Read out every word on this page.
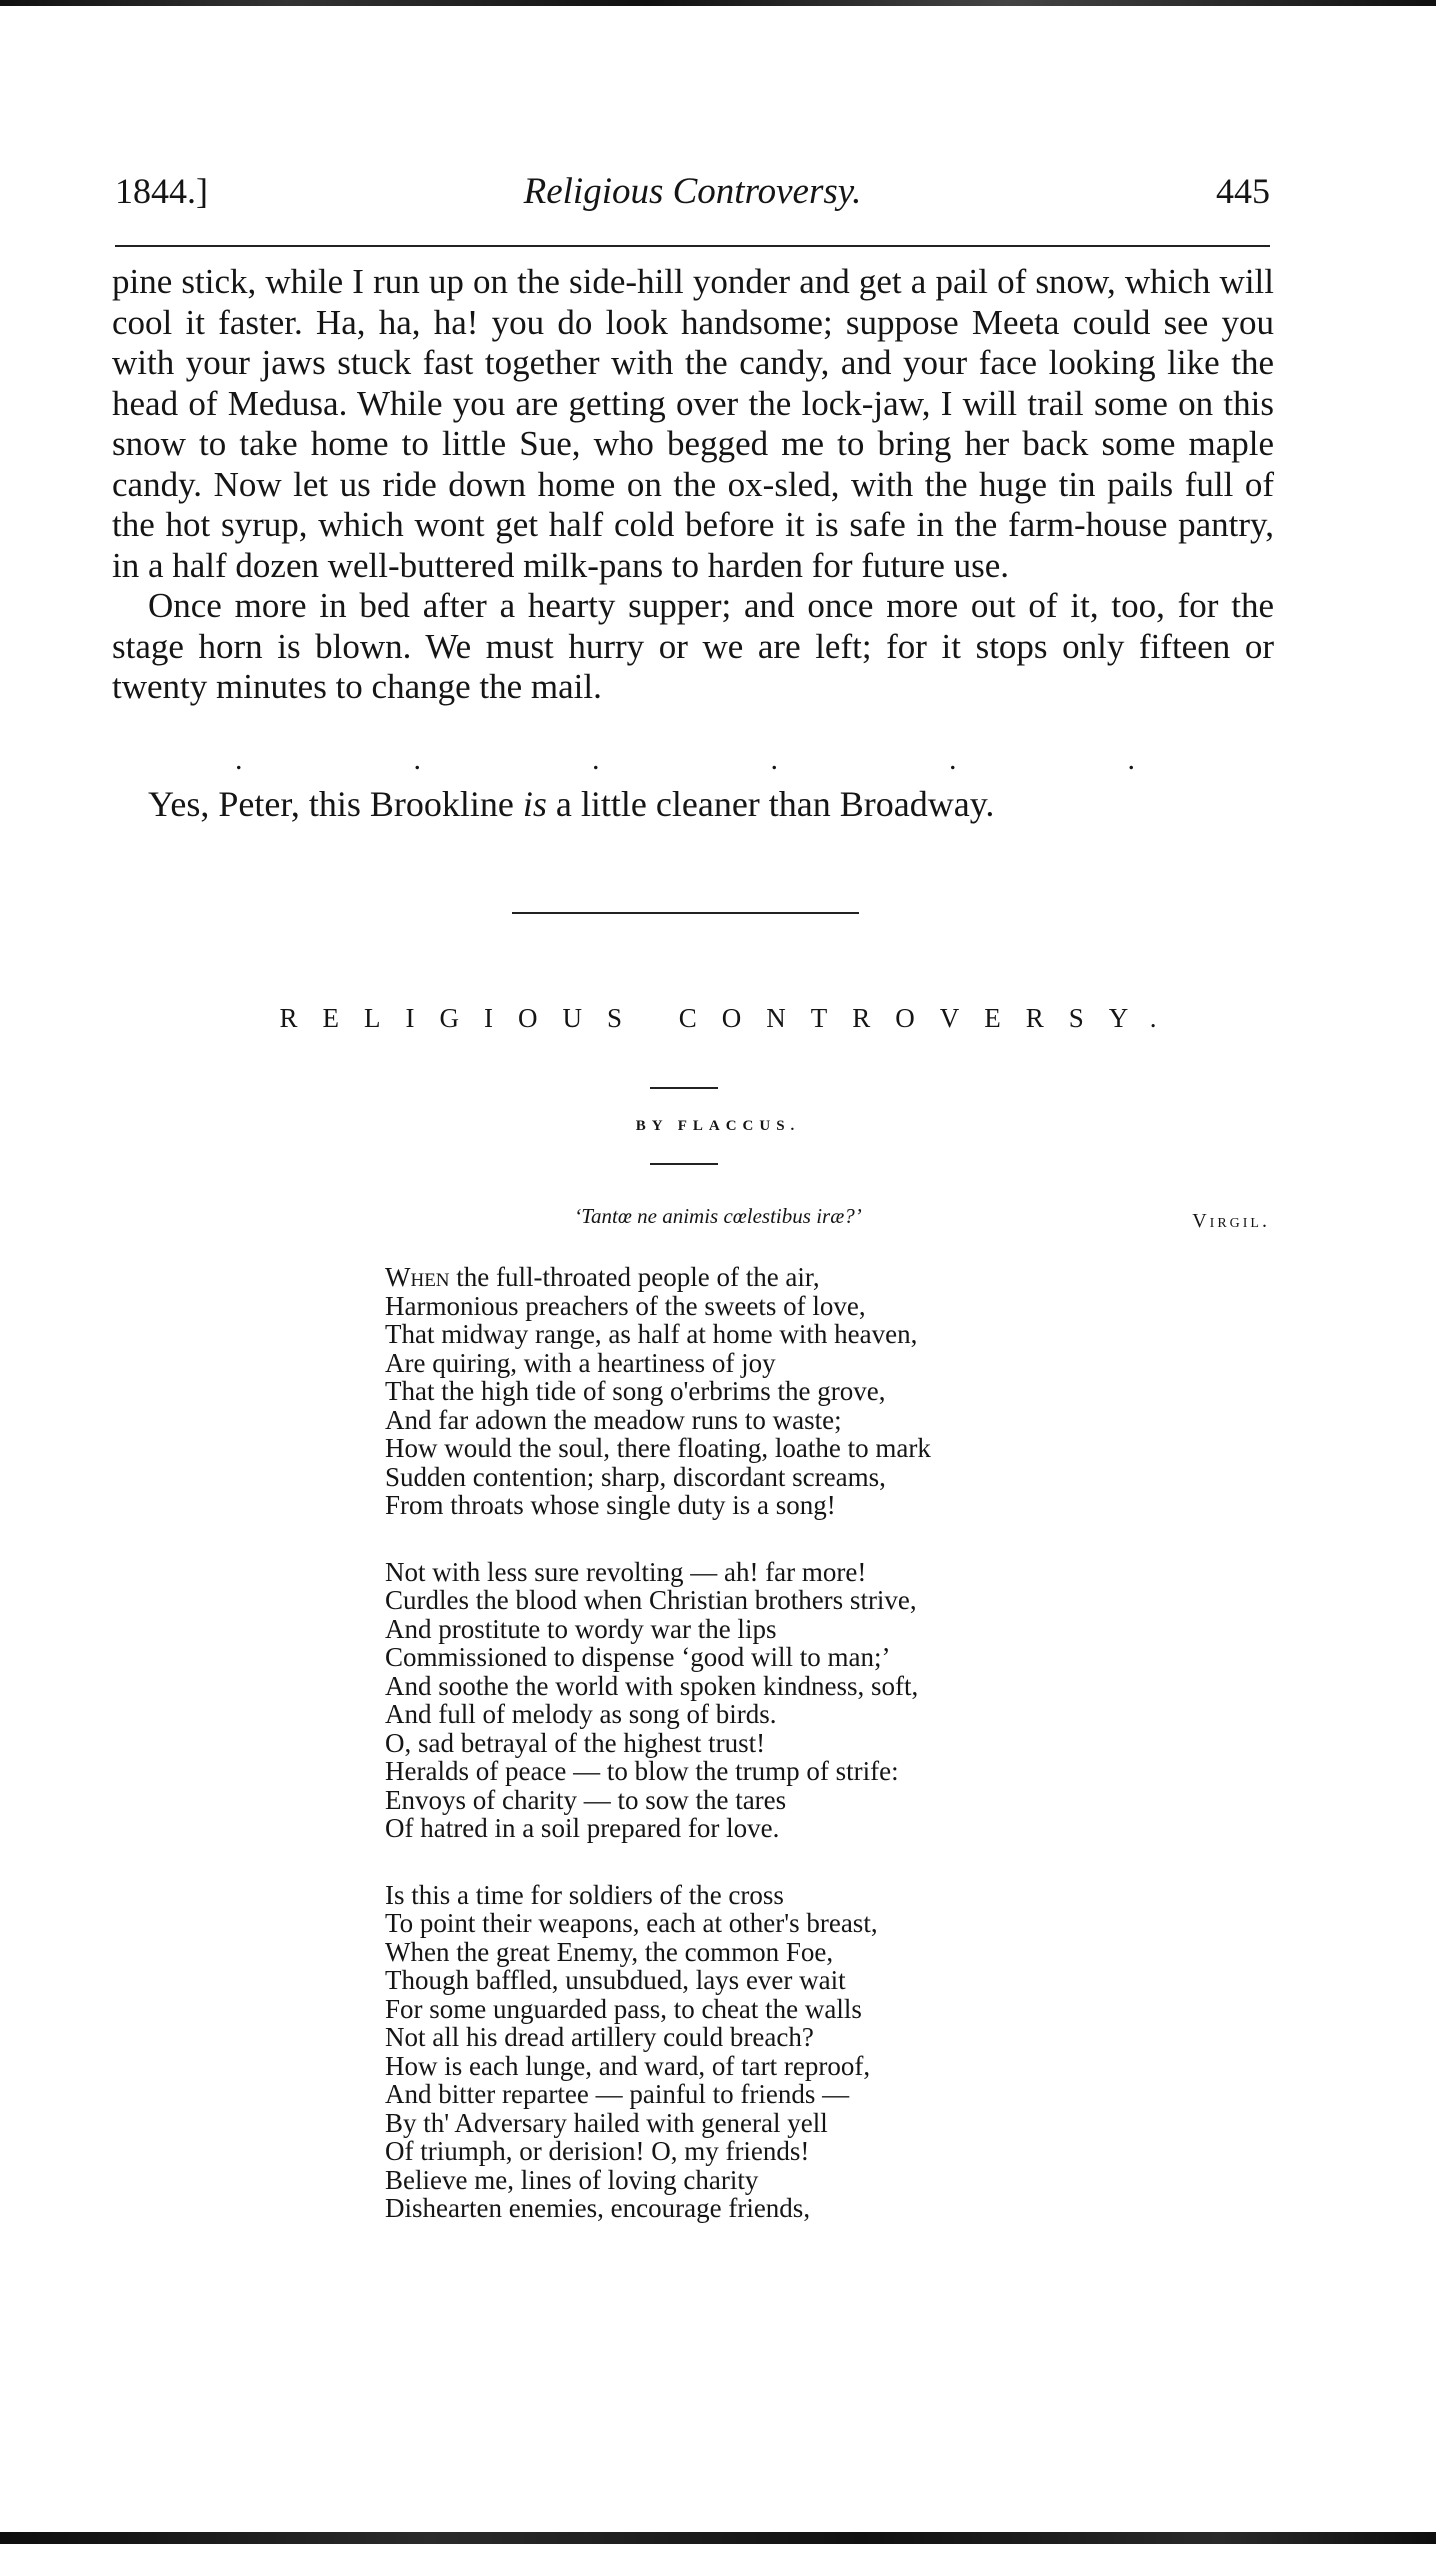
1844.]	Religious Controversy.	445

pine stick, while I run up on the side-hill yonder and get a pail of snow, which will cool it faster. Ha, ha, ha! you do look handsome; suppose Meeta could see you with your jaws stuck fast together with the candy, and your face looking like the head of Medusa. While you are getting over the lock-jaw, I will trail some on this snow to take home to little Sue, who begged me to bring her back some maple candy. Now let us ride down home on the ox-sled, with the huge tin pails full of the hot syrup, which wont get half cold before it is safe in the farm-house pantry, in a half dozen well-buttered milk-pans to harden for future use.

Once more in bed after a hearty supper; and once more out of it, too, for the stage horn is blown. We must hurry or we are left; for it stops only fifteen or twenty minutes to change the mail.

.	.	.	.	.	.
Yes, Peter, this Brookline is a little cleaner than Broadway.
RELIGIOUS CONTROVERSY.
BY FLACCUS.
‘Tantœ ne animis cœlestibus iræ?’	Virgil.
When the full-throated people of the air,
Harmonious preachers of the sweets of love,
That midway range, as half at home with heaven,
Are quiring, with a heartiness of joy
That the high tide of song o'erbrims the grove,
And far adown the meadow runs to waste;
How would the soul, there floating, loathe to mark
Sudden contention; sharp, discordant screams,
From throats whose single duty is a song!
Not with less sure revolting — ah! far more!
Curdles the blood when Christian brothers strive,
And prostitute to wordy war the lips
Commissioned to dispense ‘good will to man;’
And soothe the world with spoken kindness, soft,
And full of melody as song of birds.
O, sad betrayal of the highest trust!
Heralds of peace — to blow the trump of strife:
Envoys of charity — to sow the tares
Of hatred in a soil prepared for love.
Is this a time for soldiers of the cross
To point their weapons, each at other's breast,
When the great Enemy, the common Foe,
Though baffled, unsubdued, lays ever wait
For some unguarded pass, to cheat the walls
Not all his dread artillery could breach?
How is each lunge, and ward, of tart reproof,
And bitter repartee — painful to friends —
By th' Adversary hailed with general yell
Of triumph, or derision! O, my friends!
Believe me, lines of loving charity
Dishearten enemies, encourage friends,
